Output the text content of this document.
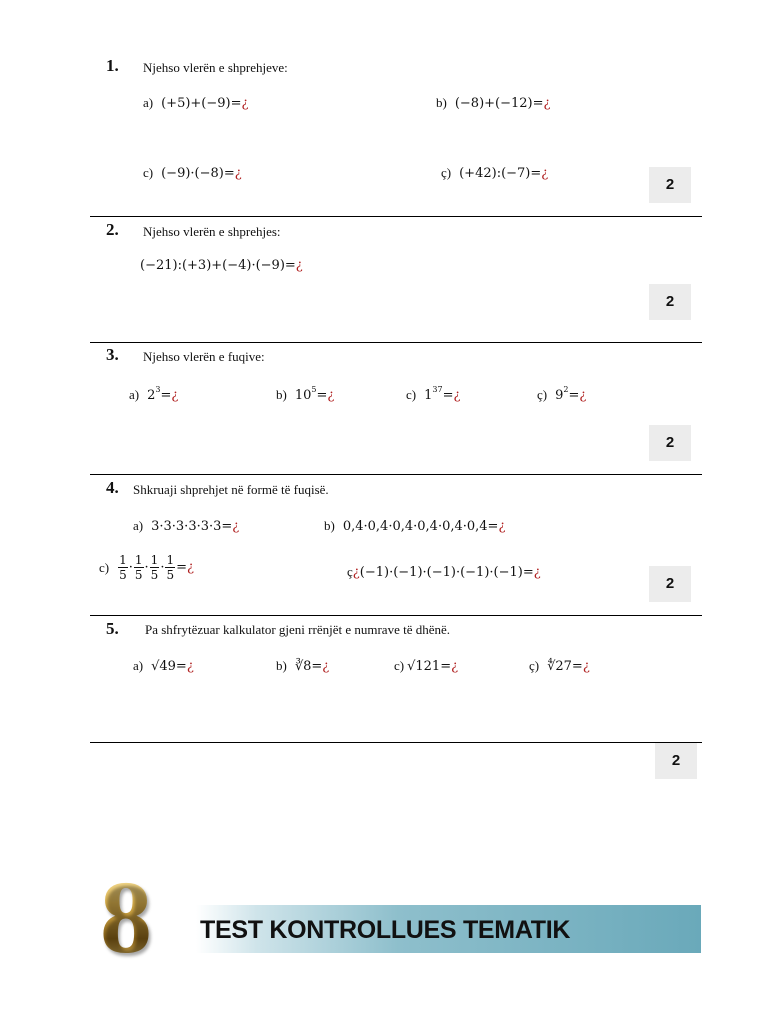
1. Njehso vlerën e shprehjeve:
a) (+5)+(−9)=¿	b) (−8)+(−12)=¿
c) (−9)·(−8)=¿	ç) (+42):(−7)=¿
2
2. Njehso vlerën e shprehjes:
(−21):(+3)+(−4)·(−9)=¿
2
3. Njehso vlerën e fuqive:
a) $2^3=¿$	b) $10^5=¿$	c) $1^{37}=¿$	ç) $9^2=¿$
2
4. Shkruaji shprehjet në formë të fuqisë.
a) 3·3·3·3·3·3=¿	b) 0,4·0,4·0,4·0,4·0,4·0,4=¿
$c) \frac{1}{5} \cdot \frac{1}{5} \cdot \frac{1}{5} \cdot \frac{1}{5}$ =¿	ç¿(−1)·(−1)·(−1)·(−1)·(−1)=¿
2
5. Pa shfrytëzuar kalkulator gjeni rrënjët e numrave të dhënë.
a) √49=¿	b) ∛8=¿	c) √121=¿	ç) ∜27=¿
2
8 TEST KONTROLLUES TEMATIK
